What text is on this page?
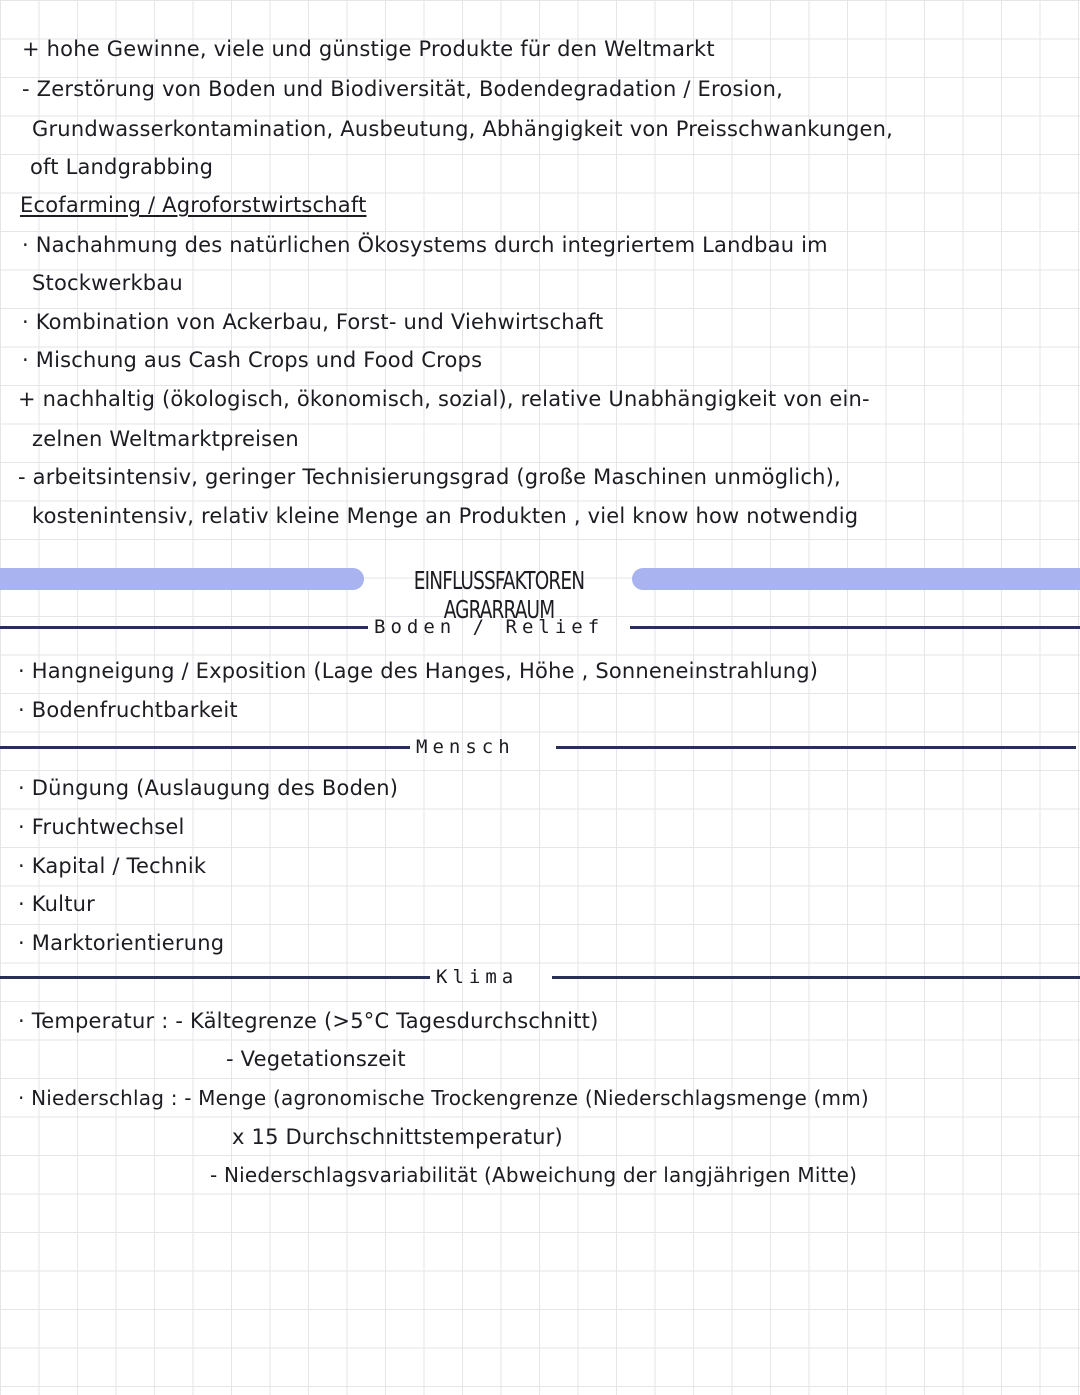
+ hohe Gewinne, viele und günstige Produkte für den Weltmarkt
- Zerstörung von Boden und Biodiversität, Bodendegradation / Erosion,
Grundwasserkontamination, Ausbeutung, Abhängigkeit von Preisschwankungen,
oft Landgrabbing
Ecofarming / Agroforstwirtschaft
· Nachahmung des natürlichen Ökosystems durch integriertem Landbau im
Stockwerkbau
· Kombination von Ackerbau, Forst- und Viehwirtschaft
· Mischung aus Cash Crops und Food Crops
+ nachhaltig (ökologisch, ökonomisch, sozial), relative Unabhängigkeit von ein-
zelnen Weltmarktpreisen
- arbeitsintensiv, geringer Technisierungsgrad (große Maschinen unmöglich),
kostenintensiv, relativ kleine Menge an Produkten , viel know how notwendig
EINFLUSSFAKTOREN AGRARRAUM
Boden / Relief
· Hangneigung / Exposition (Lage des Hanges, Höhe , Sonneneinstrahlung)
· Bodenfruchtbarkeit
Mensch
· Düngung (Auslaugung des Boden)
· Fruchtwechsel
· Kapital / Technik
· Kultur
· Marktorientierung
Klima
· Temperatur : - Kältegrenze (>5°C Tagesdurchschnitt)
- Vegetationszeit
· Niederschlag : - Menge (agronomische Trockengrenze (Niederschlagsmenge (mm)
x 15 Durchschnittstemperatur)
- Niederschlagsvariabilität (Abweichung der langjährigen Mitte)
